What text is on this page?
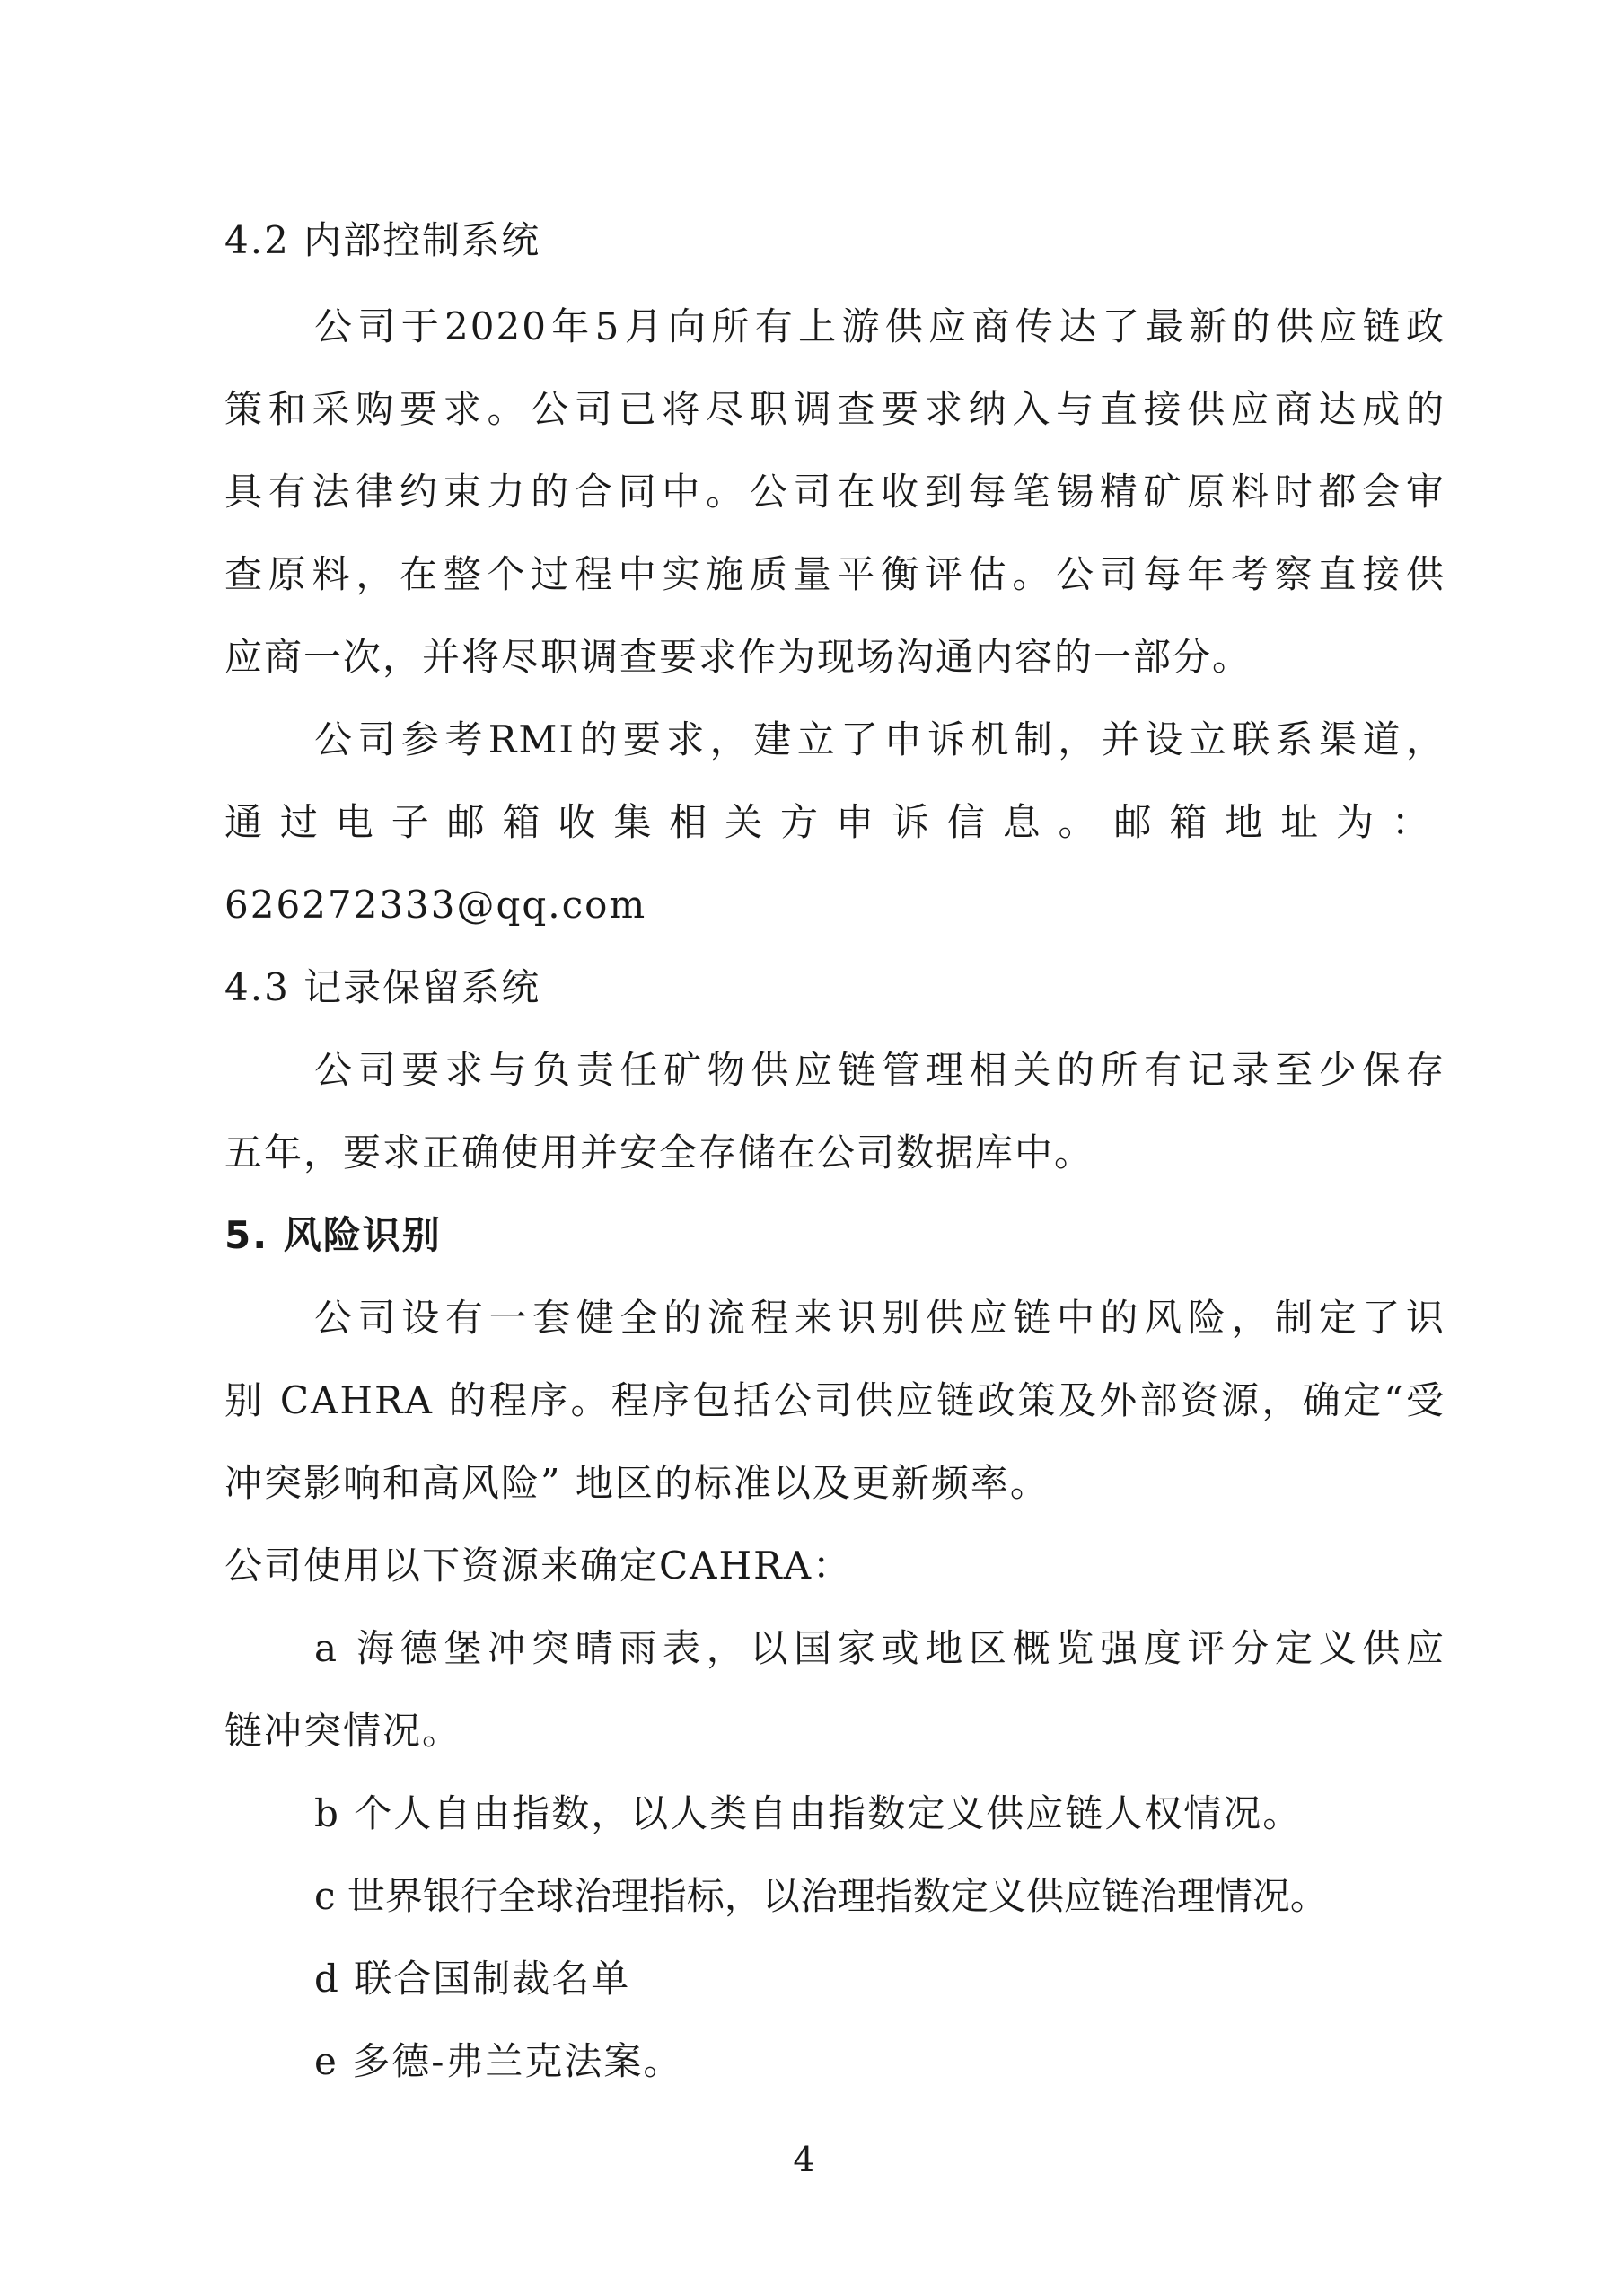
4.2 内部控制系统
公司于2020年5月向所有上游供应商传达了最新的供应链政
策和采购要求。公司已将尽职调查要求纳入与直接供应商达成的
具有法律约束力的合同中。公司在收到每笔锡精矿原料时都会审
查原料，在整个过程中实施质量平衡评估。公司每年考察直接供
应商一次，并将尽职调查要求作为现场沟通内容的一部分。
公司参考RMI的要求，建立了申诉机制，并设立联系渠道，
通过电子邮箱收集相关方申诉信息。邮箱地址为：
626272333@qq.com
4.3 记录保留系统
公司要求与负责任矿物供应链管理相关的所有记录至少保存
五年，要求正确使用并安全存储在公司数据库中。
5. 风险识别
公司设有一套健全的流程来识别供应链中的风险，制定了识
别 CAHRA 的程序。程序包括公司供应链政策及外部资源，确定“受
冲突影响和高风险” 地区的标准以及更新频率。
公司使用以下资源来确定CAHRA：
a 海德堡冲突晴雨表，以国家或地区概览强度评分定义供应
链冲突情况。
b 个人自由指数，以人类自由指数定义供应链人权情况。
c 世界银行全球治理指标，以治理指数定义供应链治理情况。
d 联合国制裁名单
e 多德-弗兰克法案。
4
